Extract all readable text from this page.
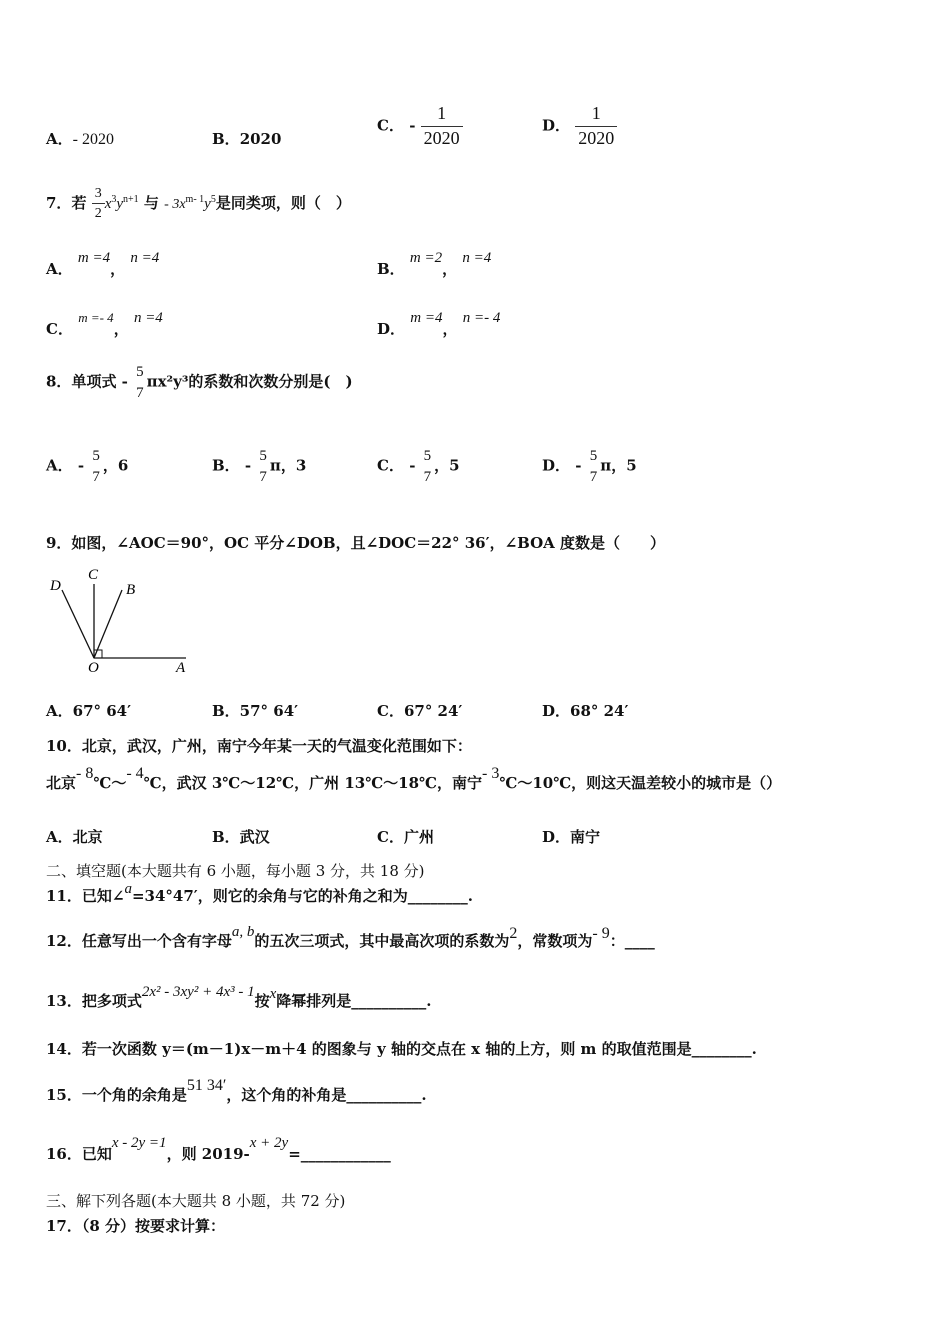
A．- 2020	B．2020
C． - $\frac{1}{2020}$	D． $\frac{1}{2020}$
7．若 $\frac{3}{2} x^3y^{n+1}$ 与 - $3x^{m- 1}y^5$是同类项，则（　）
A． m =4， n =4
B． m =2， n =4
C． m =- 4， n =4
D． m =4， n =- 4
8．单项式 -
5
7
πx²y³的系数和次数分别是(　)
A． -
5
7
，6	B． -
5
7
π，3	C． -
5
7
，5	D． -
5
7
π，5
9．如图，∠AOC＝90°，OC 平分∠DOB，且∠DOC＝22° 36′，∠BOA 度数是（　　）
D
C
B
O	A
A．67° 64′	B．57° 64′	C．67° 24′	D．68° 24′
10．北京，武汉，广州，南宁今年某一天的气温变化范围如下：
北京- 8℃～- 4℃，武汉 3℃～12℃，广州 13℃～18℃，南宁- 3℃～10℃，则这天温差较小的城市是（）
A．北京	B．武汉	C．广州	D．南宁
二、填空题(本大题共有 6 小题，每小题 3 分，共 18 分)
11．已知∠a=34°47′，则它的余角与它的补角之和为________.
12．任意写出一个含有字母a, b的五次三项式，其中最高次项的系数为2，常数项为- 9：____
13．把多项式2x² - 3xy² + 4x³ - 1按x降幂排列是__________.
14．若一次函数 y＝(m－1)x－m＋4 的图象与 y 轴的交点在 x 轴的上方，则 m 的取值范围是________.
15．一个角的余角是51 34′，这个角的补角是__________.
16．已知x - 2y =1，则 2019-x + 2y=____________
三、解下列各题(本大题共 8 小题，共 72 分)
17．（8 分）按要求计算：
